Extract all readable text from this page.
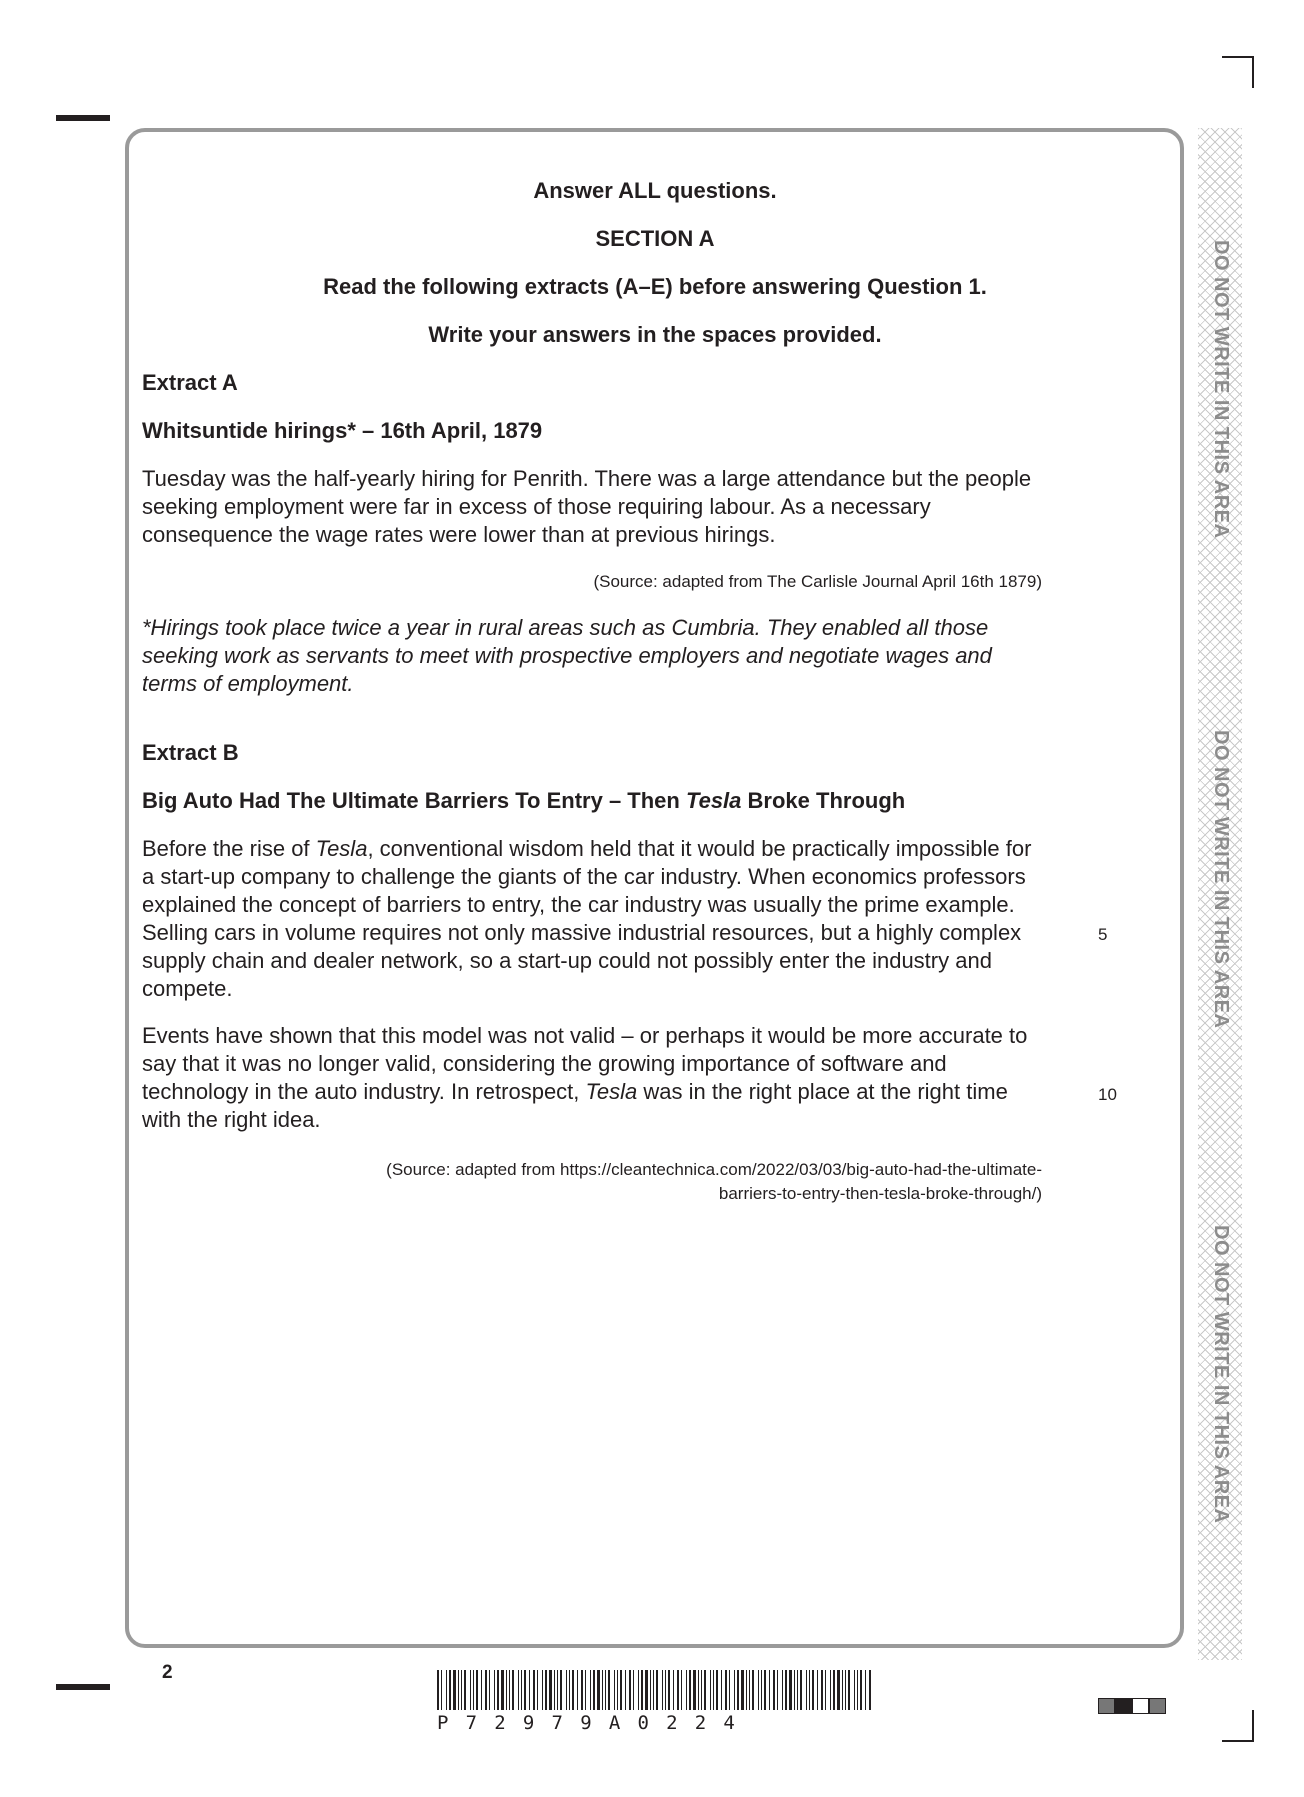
DO NOT WRITE IN THIS AREA
DO NOT WRITE IN THIS AREA
DO NOT WRITE IN THIS AREA
Answer ALL questions.
SECTION A
Read the following extracts (A–E) before answering Question 1.
Write your answers in the spaces provided.
Extract A
Whitsuntide hirings* – 16th April, 1879

Tuesday was the half-yearly hiring for Penrith. There was a large attendance but the people seeking employment were far in excess of those requiring labour. As a necessary consequence the wage rates were lower than at previous hirings.

(Source: adapted from The Carlisle Journal April 16th 1879)

*Hirings took place twice a year in rural areas such as Cumbria. They enabled all those seeking work as servants to meet with prospective employers and negotiate wages and terms of employment.

Extract B
Big Auto Had The Ultimate Barriers To Entry – Then Tesla Broke Through

Before the rise of Tesla, conventional wisdom held that it would be practically impossible for a start-up company to challenge the giants of the car industry. When economics professors explained the concept of barriers to entry, the car industry was usually the prime example. Selling cars in volume requires not only massive industrial resources, but a highly complex supply chain and dealer network, so a start-up could not possibly enter the industry and compete.

5

Events have shown that this model was not valid – or perhaps it would be more accurate to say that it was no longer valid, considering the growing importance of software and technology in the auto industry. In retrospect, Tesla was in the right place at the right time with the right idea.

10
(Source: adapted from https://cleantechnica.com/2022/03/03/big-auto-had-the-ultimate-
barriers-to-entry-then-tesla-broke-through/)
2
P72979A0224
